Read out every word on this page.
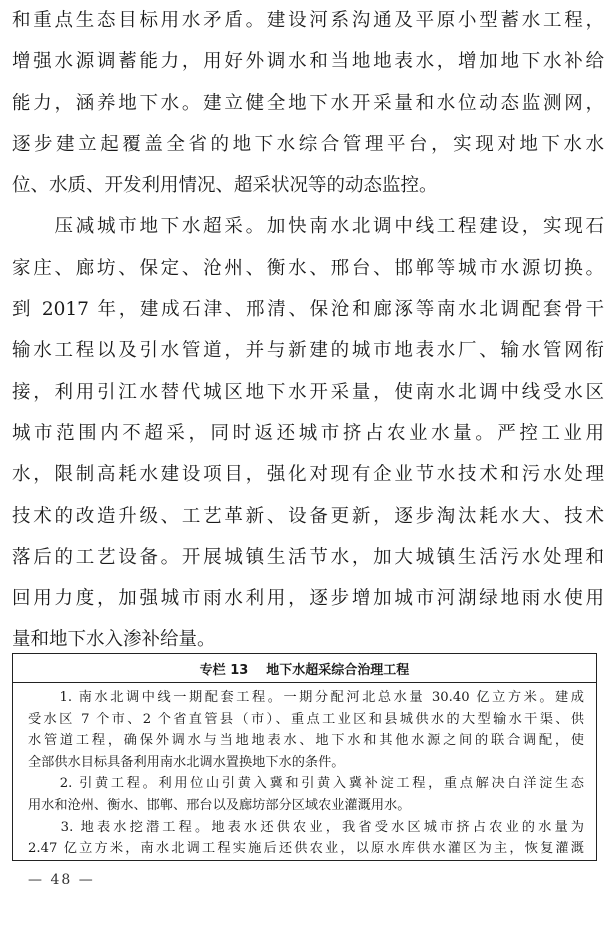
和重点生态目标用水矛盾。建设河系沟通及平原小型蓄水工程，
增强水源调蓄能力，用好外调水和当地地表水，增加地下水补给
能力，涵养地下水。建立健全地下水开采量和水位动态监测网，
逐步建立起覆盖全省的地下水综合管理平台，实现对地下水水
位、水质、开发利用情况、超采状况等的动态监控。
　　压减城市地下水超采。加快南水北调中线工程建设，实现石
家庄、廊坊、保定、沧州、衡水、邢台、邯郸等城市水源切换。
到 2017 年，建成石津、邢清、保沧和廊涿等南水北调配套骨干
输水工程以及引水管道，并与新建的城市地表水厂、输水管网衔
接，利用引江水替代城区地下水开采量，使南水北调中线受水区
城市范围内不超采，同时返还城市挤占农业水量。严控工业用
水，限制高耗水建设项目，强化对现有企业节水技术和污水处理
技术的改造升级、工艺革新、设备更新，逐步淘汰耗水大、技术
落后的工艺设备。开展城镇生活节水，加大城镇生活污水处理和
回用力度，加强城市雨水利用，逐步增加城市河湖绿地雨水使用
量和地下水入渗补给量。
专栏 13 地下水超采综合治理工程
　　1. 南水北调中线一期配套工程。一期分配河北总水量 30.40 亿立方米。建成
受水区 7 个市、2 个省直管县（市）、重点工业区和县城供水的大型输水干渠、供
水管道工程，确保外调水与当地地表水、地下水和其他水源之间的联合调配，使
全部供水目标具备利用南水北调水置换地下水的条件。
　　2. 引黄工程。利用位山引黄入冀和引黄入冀补淀工程，重点解决白洋淀生态
用水和沧州、衡水、邯郸、邢台以及廊坊部分区域农业灌溉用水。
　　3. 地表水挖潜工程。地表水还供农业，我省受水区城市挤占农业的水量为
2.47 亿立方米，南水北调工程实施后还供农业，以原水库供水灌区为主，恢复灌溉
— 48 —
